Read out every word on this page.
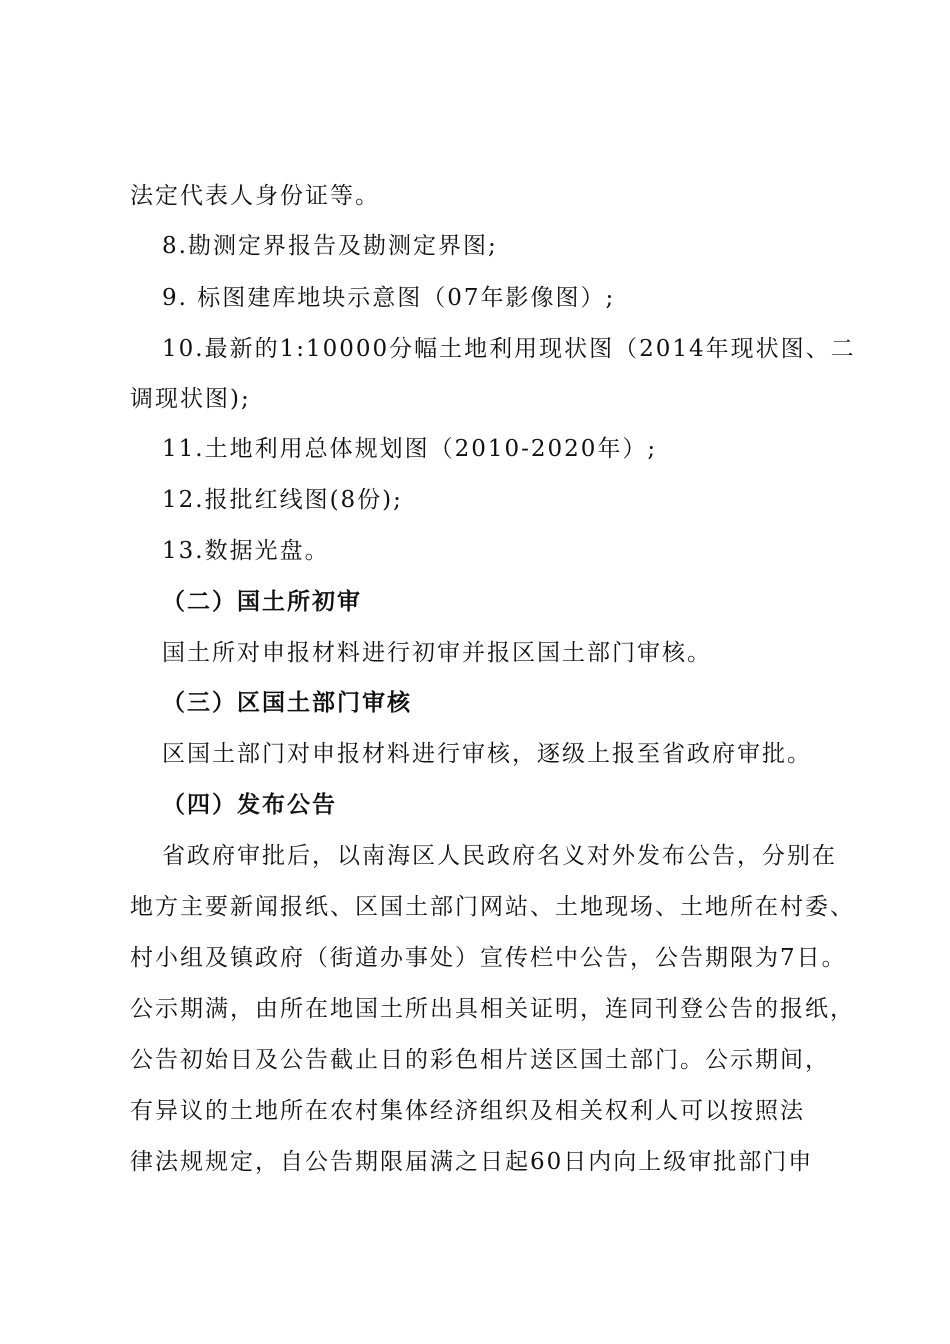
法定代表人身份证等。
8.勘测定界报告及勘测定界图;
9. 标图建库地块示意图（07年影像图）;
10.最新的1:10000分幅土地利用现状图（2014年现状图、二
调现状图);
11.土地利用总体规划图（2010-2020年）;
12.报批红线图(8份);
13.数据光盘。
（二）国土所初审
国土所对申报材料进行初审并报区国土部门审核。
（三）区国土部门审核
区国土部门对申报材料进行审核，逐级上报至省政府审批。
（四）发布公告
省政府审批后，以南海区人民政府名义对外发布公告，分别在
地方主要新闻报纸、区国土部门网站、土地现场、土地所在村委、
村小组及镇政府（街道办事处）宣传栏中公告，公告期限为7日。
公示期满，由所在地国土所出具相关证明，连同刊登公告的报纸，
公告初始日及公告截止日的彩色相片送区国土部门。公示期间，
有异议的土地所在农村集体经济组织及相关权利人可以按照法
律法规规定，自公告期限届满之日起60日内向上级审批部门申
